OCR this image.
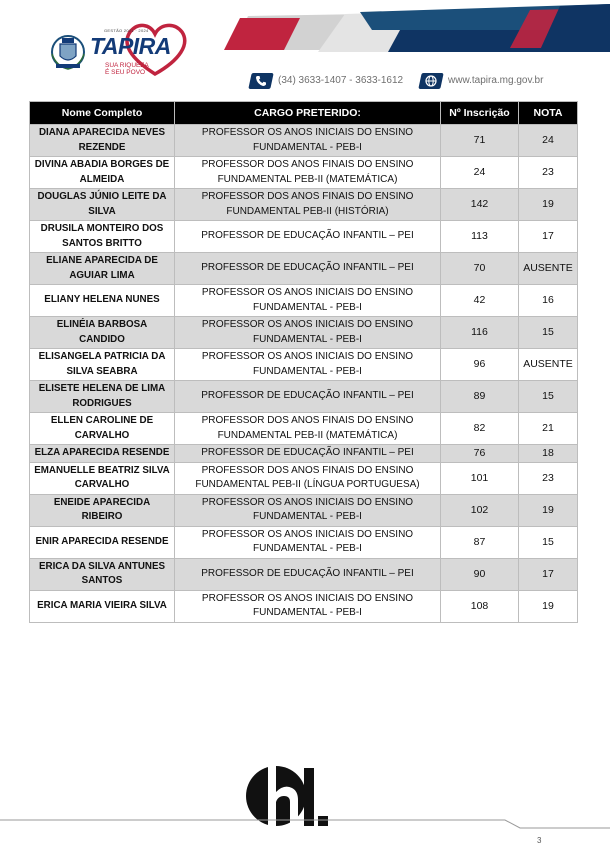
GESTÃO 2021 · 2024
TAPIRA
SUA RIQUEZA
É SEU POVO
(34) 3633-1407 - 3633-1612	www.tapira.mg.gov.br
Nome Completo	CARGO PRETERIDO:	Nº Inscrição	NOTA
DIANA APARECIDA NEVES REZENDE	PROFESSOR OS ANOS INICIAIS DO ENSINO FUNDAMENTAL - PEB-I	71	24
DIVINA ABADIA BORGES DE ALMEIDA	PROFESSOR DOS ANOS FINAIS DO ENSINO FUNDAMENTAL PEB-II (MATEMÁTICA)	24	23
DOUGLAS JÚNIO LEITE DA SILVA	PROFESSOR DOS ANOS FINAIS DO ENSINO FUNDAMENTAL PEB-II (HISTÓRIA)	142	19
DRUSILA MONTEIRO DOS SANTOS BRITTO	PROFESSOR DE EDUCAÇÃO INFANTIL – PEI	113	17
ELIANE APARECIDA DE AGUIAR LIMA	PROFESSOR DE EDUCAÇÃO INFANTIL – PEI	70	AUSENTE
ELIANY HELENA NUNES	PROFESSOR OS ANOS INICIAIS DO ENSINO FUNDAMENTAL - PEB-I	42	16
ELINÉIA BARBOSA CANDIDO	PROFESSOR OS ANOS INICIAIS DO ENSINO FUNDAMENTAL - PEB-I	116	15
ELISANGELA PATRICIA DA SILVA SEABRA	PROFESSOR OS ANOS INICIAIS DO ENSINO FUNDAMENTAL - PEB-I	96	AUSENTE
ELISETE HELENA DE LIMA RODRIGUES	PROFESSOR DE EDUCAÇÃO INFANTIL – PEI	89	15
ELLEN CAROLINE DE CARVALHO	PROFESSOR DOS ANOS FINAIS DO ENSINO FUNDAMENTAL PEB-II (MATEMÁTICA)	82	21
ELZA APARECIDA RESENDE	PROFESSOR DE EDUCAÇÃO INFANTIL – PEI	76	18
EMANUELLE BEATRIZ SILVA CARVALHO	PROFESSOR DOS ANOS FINAIS DO ENSINO FUNDAMENTAL PEB-II (LÍNGUA PORTUGUESA)	101	23
ENEIDE APARECIDA RIBEIRO	PROFESSOR OS ANOS INICIAIS DO ENSINO FUNDAMENTAL - PEB-I	102	19
ENIR APARECIDA RESENDE	PROFESSOR OS ANOS INICIAIS DO ENSINO FUNDAMENTAL - PEB-I	87	15
ERICA DA SILVA ANTUNES SANTOS	PROFESSOR DE EDUCAÇÃO INFANTIL – PEI	90	17
ERICA MARIA VIEIRA SILVA	PROFESSOR OS ANOS INICIAIS DO ENSINO FUNDAMENTAL - PEB-I	108	19
3
